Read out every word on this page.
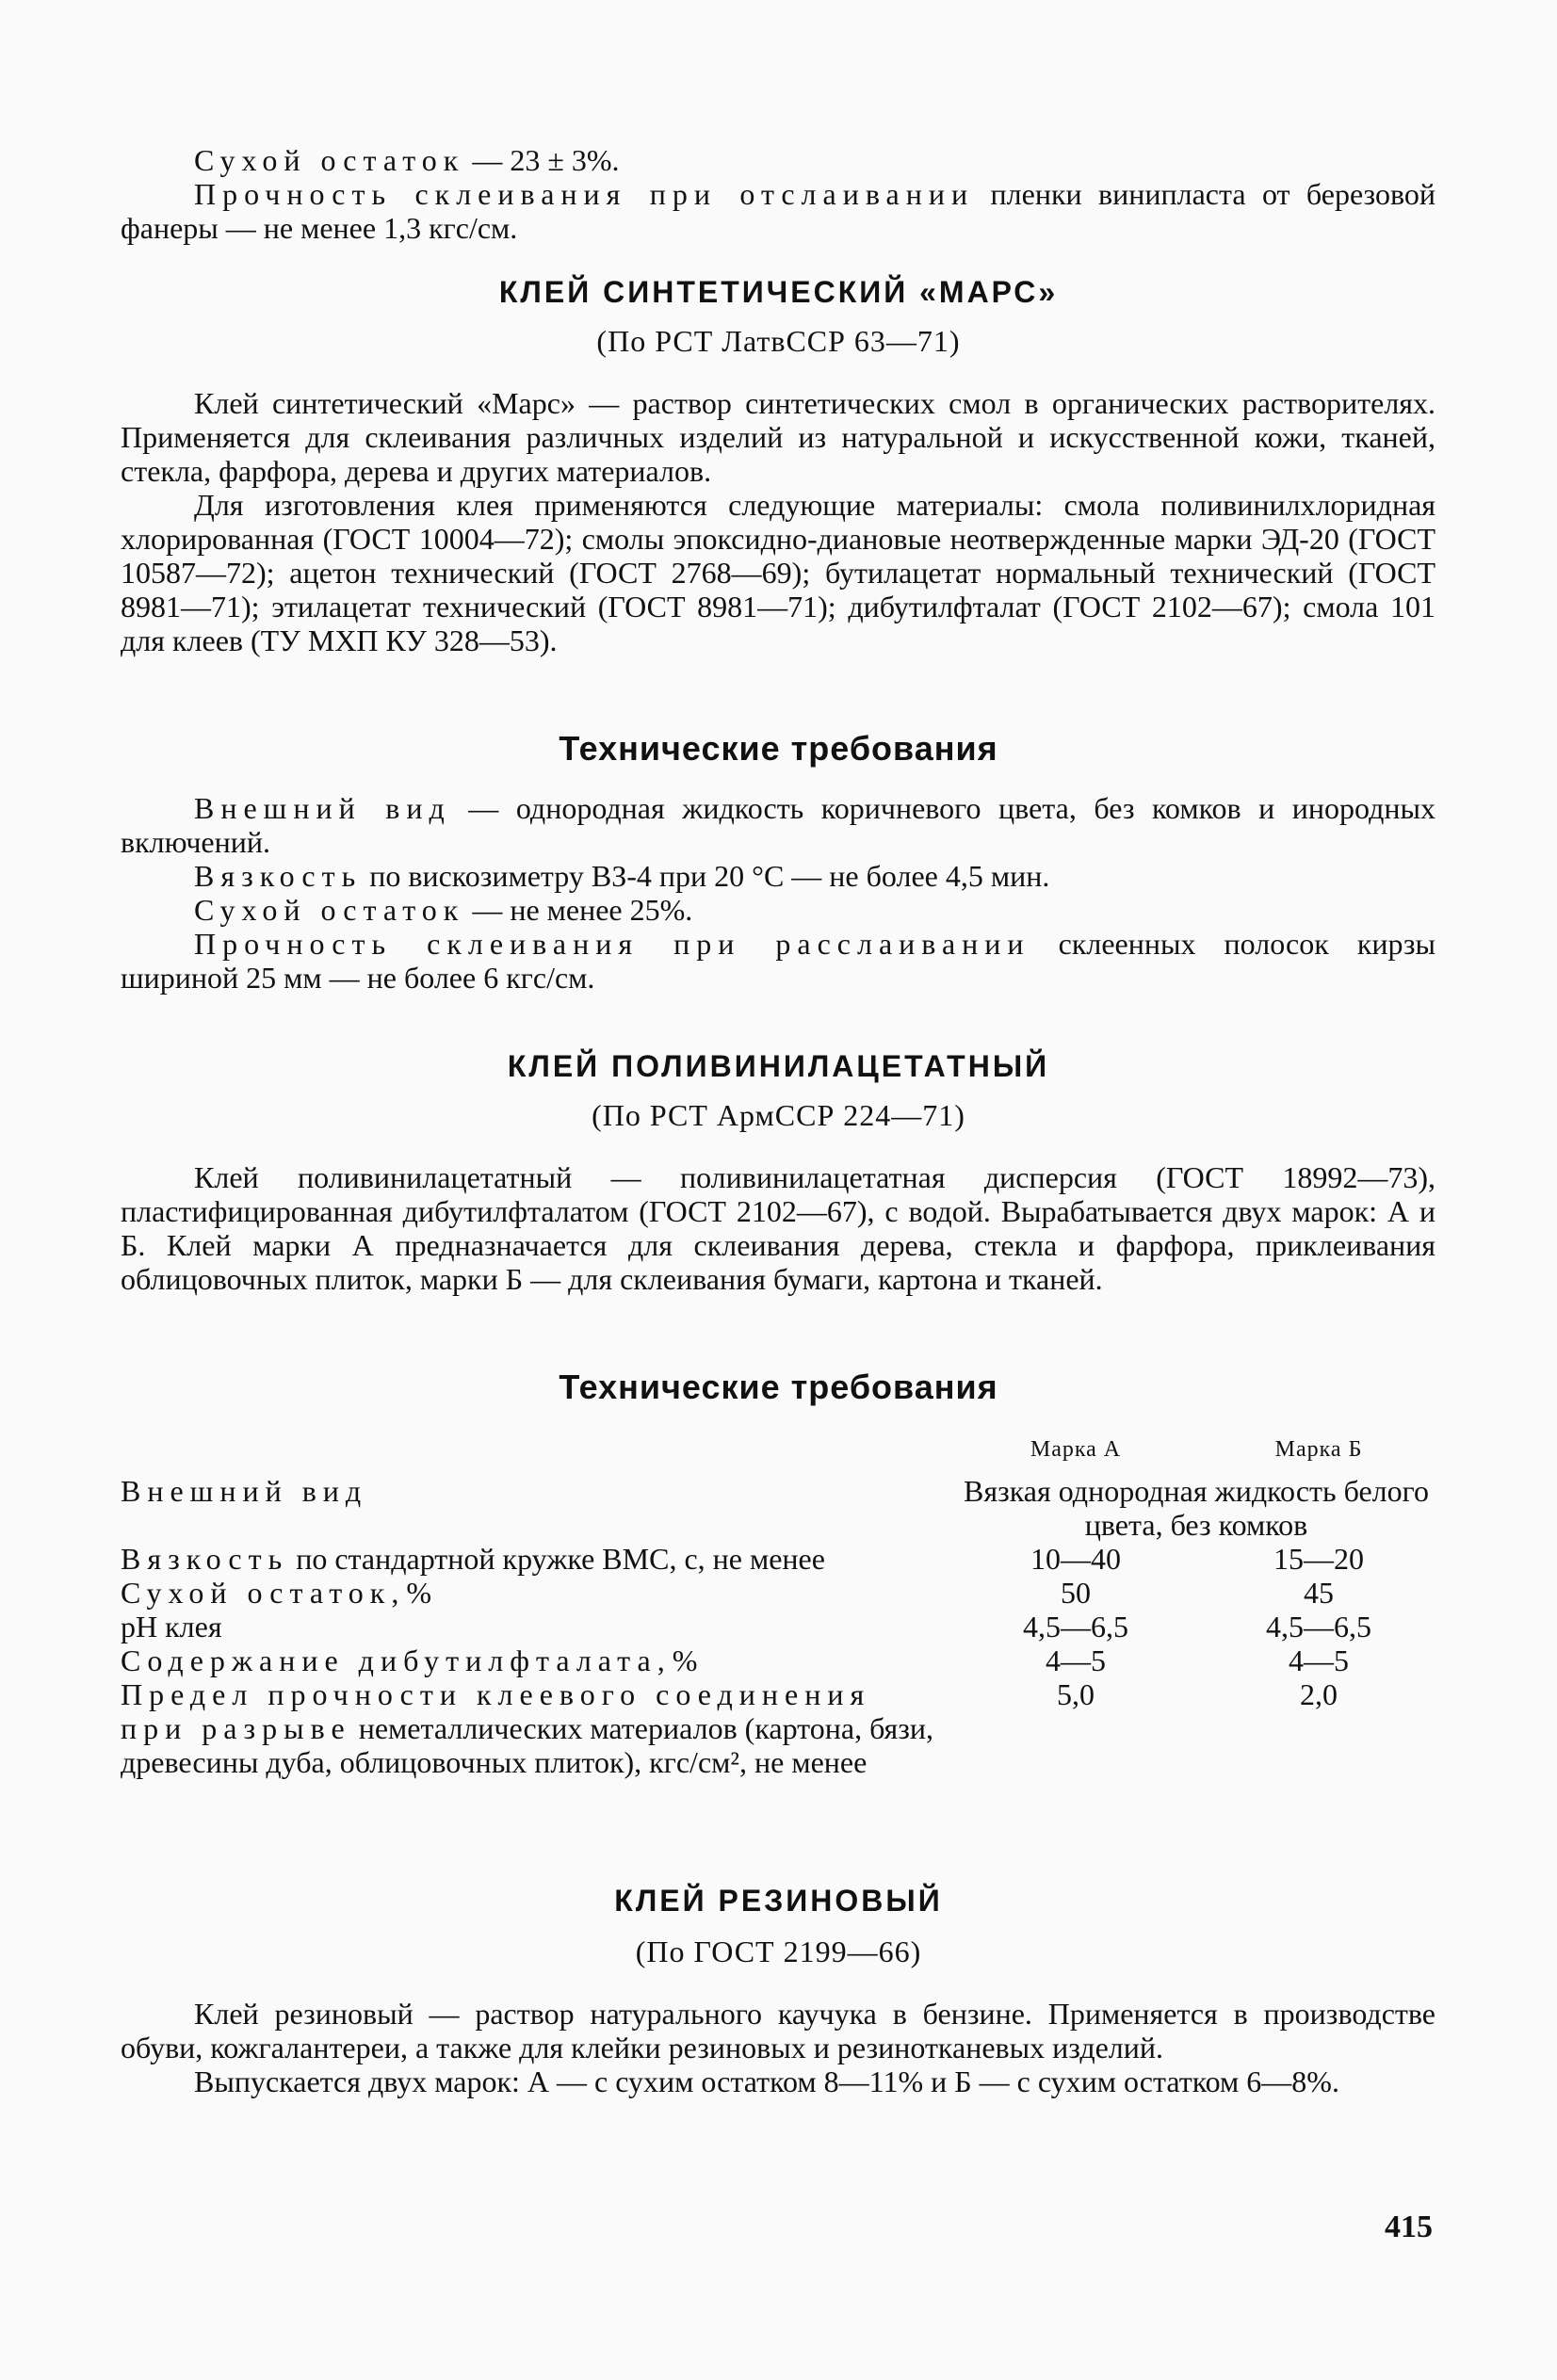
Сухой остаток — 23 ± 3%.

Прочность склеивания при отслаивании пленки винипласта от березовой фанеры — не менее 1,3 кгс/см.

КЛЕЙ СИНТЕТИЧЕСКИЙ «МАРС»
(По РСТ ЛатвССР 63—71)

Клей синтетический «Марс» — раствор синтетических смол в органических растворителях. Применяется для склеивания различных изделий из натуральной и искусственной кожи, тканей, стекла, фарфора, дерева и других материалов.

Для изготовления клея применяются следующие материалы: смола поливинилхлоридная хлорированная (ГОСТ 10004—72); смолы эпоксидно-диановые неотвержденные марки ЭД-20 (ГОСТ 10587—72); ацетон технический (ГОСТ 2768—69); бутилацетат нормальный технический (ГОСТ 8981—71); этилацетат технический (ГОСТ 8981—71); дибутилфталат (ГОСТ 2102—67); смола 101 для клеев (ТУ МХП КУ 328—53).

Технические требования

Внешний вид — однородная жидкость коричневого цвета, без комков и инородных включений.

Вязкость по вискозиметру ВЗ-4 при 20 °С — не более 4,5 мин.

Сухой остаток — не менее 25%.

Прочность склеивания при расслаивании склеенных полосок кирзы шириной 25 мм — не более 6 кгс/см.

КЛЕЙ ПОЛИВИНИЛАЦЕТАТНЫЙ
(По РСТ АрмССР 224—71)

Клей поливинилацетатный — поливинилацетатная дисперсия (ГОСТ 18992—73), пластифицированная дибутилфталатом (ГОСТ 2102—67), с водой. Вырабатывается двух марок: А и Б. Клей марки А предназначается для склеивания дерева, стекла и фарфора, приклеивания облицовочных плиток, марки Б — для склеивания бумаги, картона и тканей.

Технические требования
	Марка А	Марка Б
Внешний вид	Вязкая однородная жидкость белого цвета, без комков	
Вязкость по стандартной кружке ВМС, с, не менее	10—40	15—20
Сухой остаток, %	50	45
рН клея	4,5—6,5	4,5—6,5
Содержание дибутилфталата, %	4—5	4—5
Предел прочности клеевого соединения при разрыве неметаллических материалов (картона, бязи, древесины дуба, облицовочных плиток), кгс/см², не менее	5,0	2,0
КЛЕЙ РЕЗИНОВЫЙ
(По ГОСТ 2199—66)

Клей резиновый — раствор натурального каучука в бензине. Применяется в производстве обуви, кожгалантереи, а также для клейки резиновых и резинотканевых изделий.

Выпускается двух марок: А — с сухим остатком 8—11% и Б — с сухим остатком 6—8%.

415
